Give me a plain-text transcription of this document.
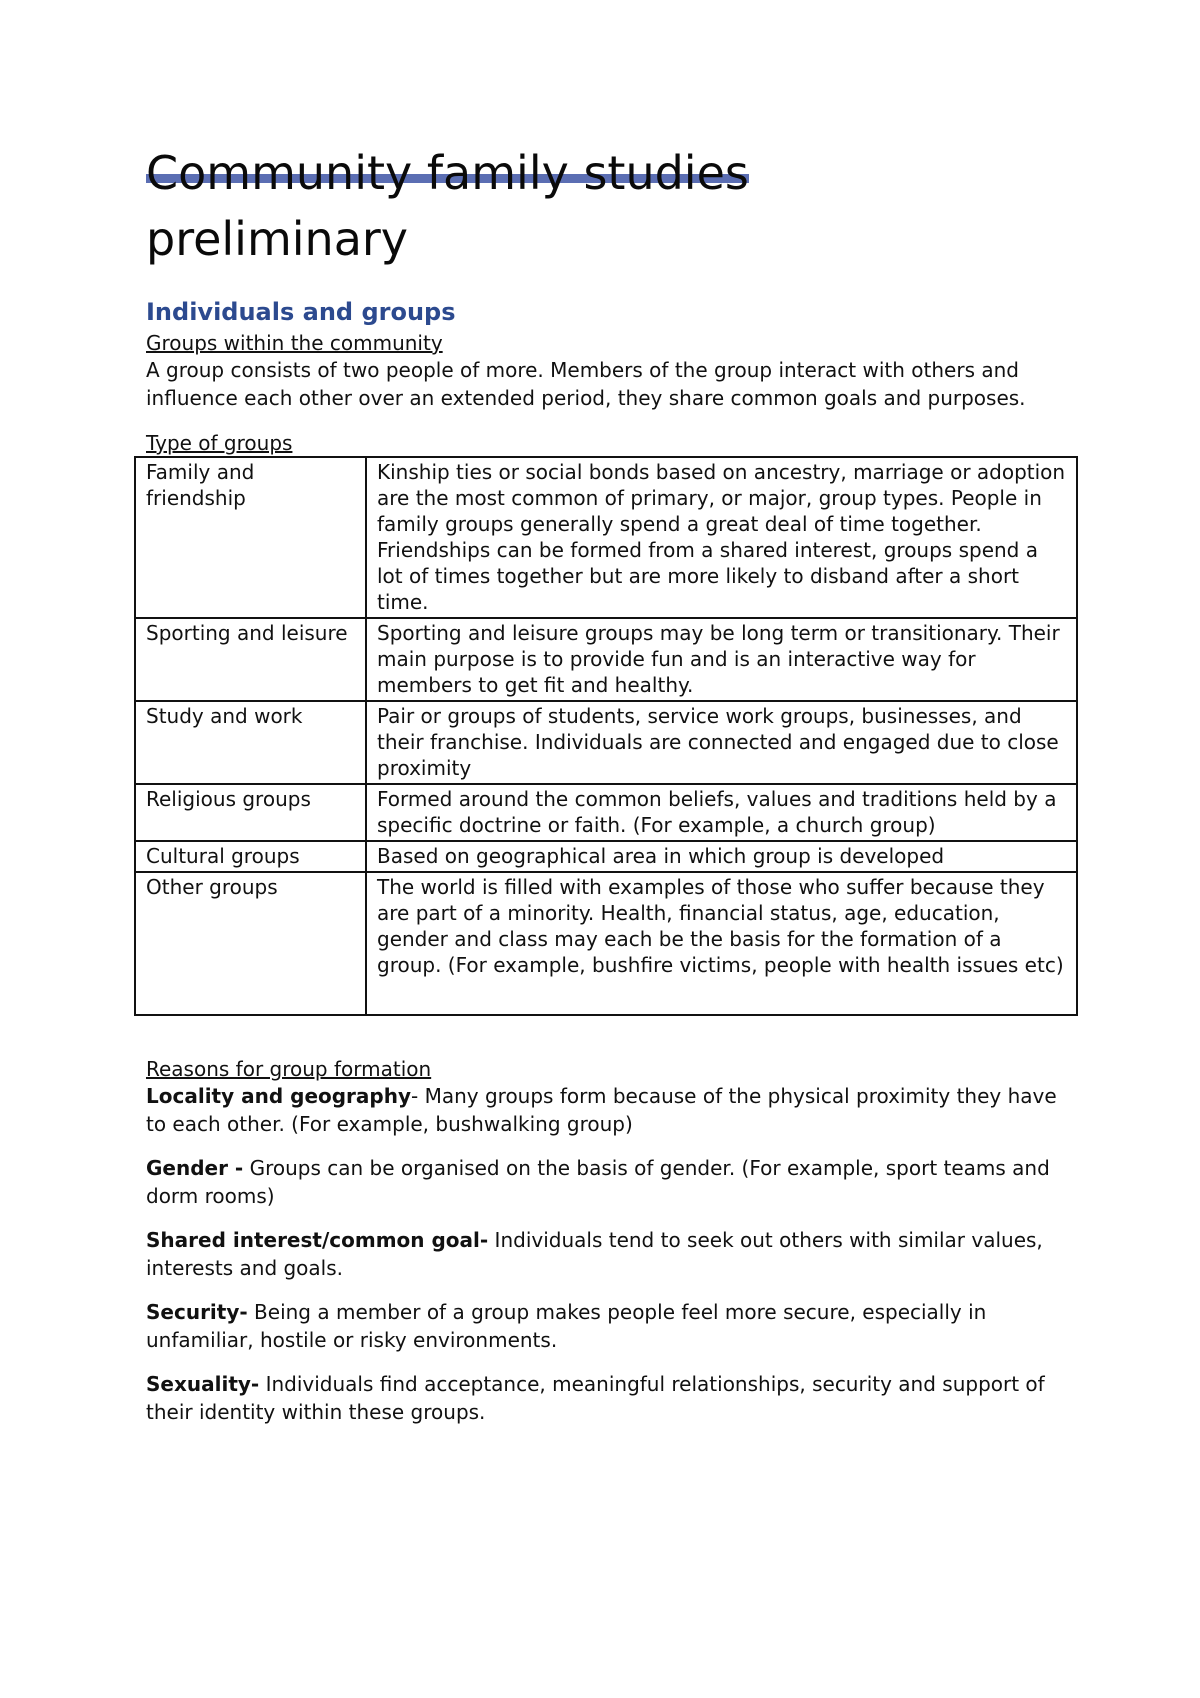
Community family studies
preliminary
Individuals and groups
Groups within the community

A group consists of two people of more. Members of the group interact with others and influence each other over an extended period, they share common goals and purposes.

Type of groups
Family and friendship	Kinship ties or social bonds based on ancestry, marriage or adoption are the most common of primary, or major, group types. People in family groups generally spend a great deal of time together. Friendships can be formed from a shared interest, groups spend a lot of times together but are more likely to disband after a short time.
Sporting and leisure	Sporting and leisure groups may be long term or transitionary. Their main purpose is to provide fun and is an interactive way for members to get fit and healthy.
Study and work	Pair or groups of students, service work groups, businesses, and their franchise. Individuals are connected and engaged due to close proximity
Religious groups	Formed around the common beliefs, values and traditions held by a specific doctrine or faith. (For example, a church group)
Cultural groups	Based on geographical area in which group is developed
Other groups	The world is filled with examples of those who suffer because they are part of a minority. Health, financial status, age, education, gender and class may each be the basis for the formation of a group. (For example, bushfire victims, people with health issues etc)
Reasons for group formation

Locality and geography- Many groups form because of the physical proximity they have to each other. (For example, bushwalking group)

Gender - Groups can be organised on the basis of gender. (For example, sport teams and dorm rooms)

Shared interest/common goal- Individuals tend to seek out others with similar values, interests and goals.

Security- Being a member of a group makes people feel more secure, especially in unfamiliar, hostile or risky environments.

Sexuality- Individuals find acceptance, meaningful relationships, security and support of their identity within these groups.
